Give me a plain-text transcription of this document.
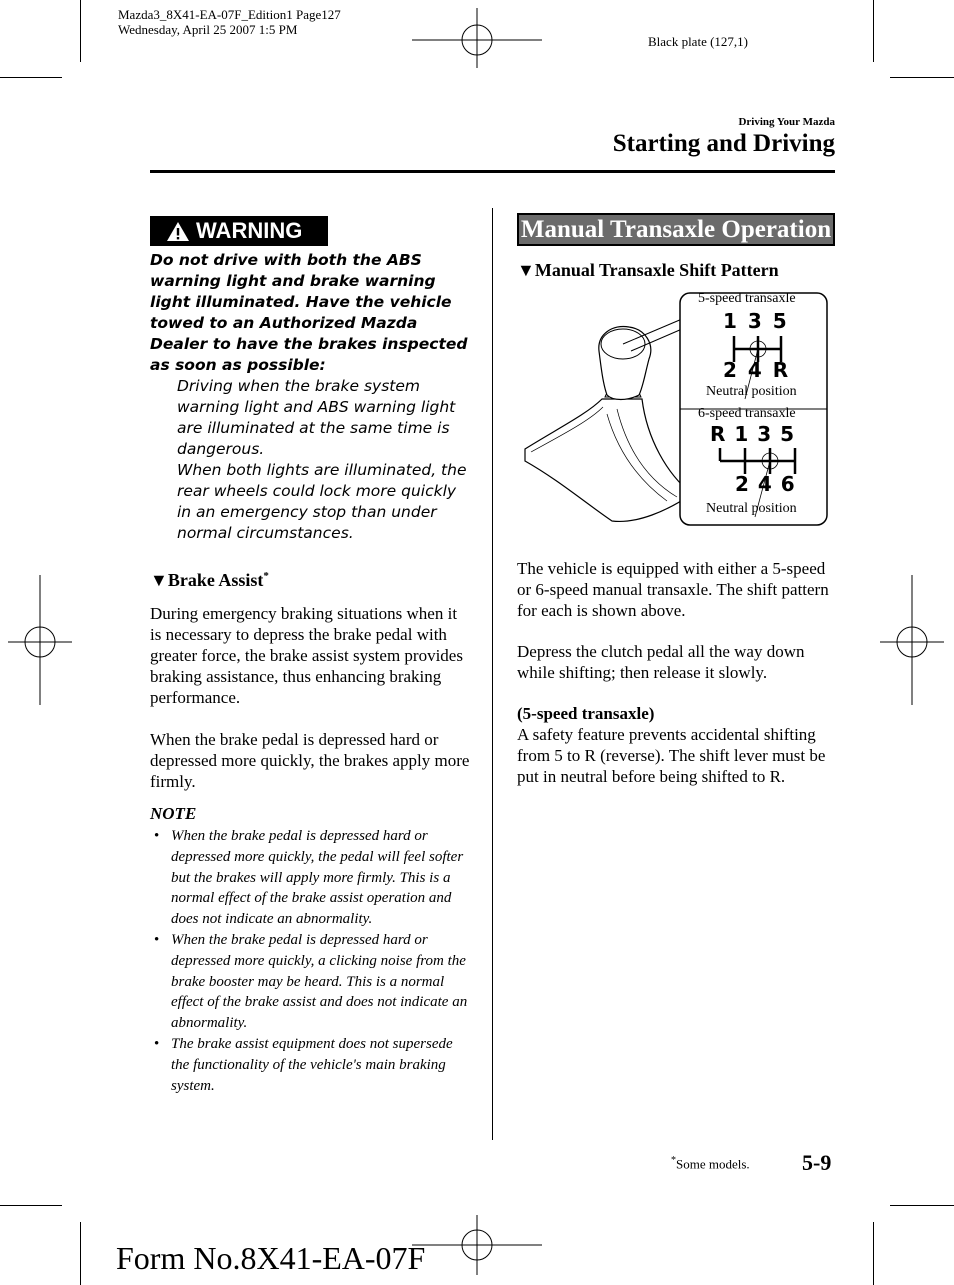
Mazda3_8X41-EA-07F_Edition1 Page127
Wednesday, April 25 2007 1:5 PM
Black plate (127,1)
Driving Your Mazda
Starting and Driving
WARNING
Do not drive with both the ABS warning light and brake warning light illuminated. Have the vehicle towed to an Authorized Mazda Dealer to have the brakes inspected as soon as possible:
Driving when the brake system warning light and ABS warning light are illuminated at the same time is dangerous.
When both lights are illuminated, the rear wheels could lock more quickly in an emergency stop than under normal circumstances.
▼Brake Assist*

During emergency braking situations when it is necessary to depress the brake pedal with greater force, the brake assist system provides braking assistance, thus enhancing braking performance.

When the brake pedal is depressed hard or depressed more quickly, the brakes apply more firmly.

NOTE
• When the brake pedal is depressed hard or depressed more quickly, the pedal will feel softer but the brakes will apply more firmly. This is a normal effect of the brake assist operation and does not indicate an abnormality.
• When the brake pedal is depressed hard or depressed more quickly, a clicking noise from the brake booster may be heard. This is a normal effect of the brake assist and does not indicate an abnormality.
• The brake assist equipment does not supersede the functionality of the vehicle's main braking system.
Manual Transaxle Operation
▼Manual Transaxle Shift Pattern
5-speed transaxle
1 3 5
2 4 R
Neutral position
6-speed transaxle
R 1 3 5
2 4 6
Neutral position

The vehicle is equipped with either a 5-speed or 6-speed manual transaxle. The shift pattern for each is shown above.

Depress the clutch pedal all the way down while shifting; then release it slowly.

(5-speed transaxle)

A safety feature prevents accidental shifting from 5 to R (reverse). The shift lever must be put in neutral before being shifted to R.

*Some models. 5-9
Form No.8X41-EA-07F
